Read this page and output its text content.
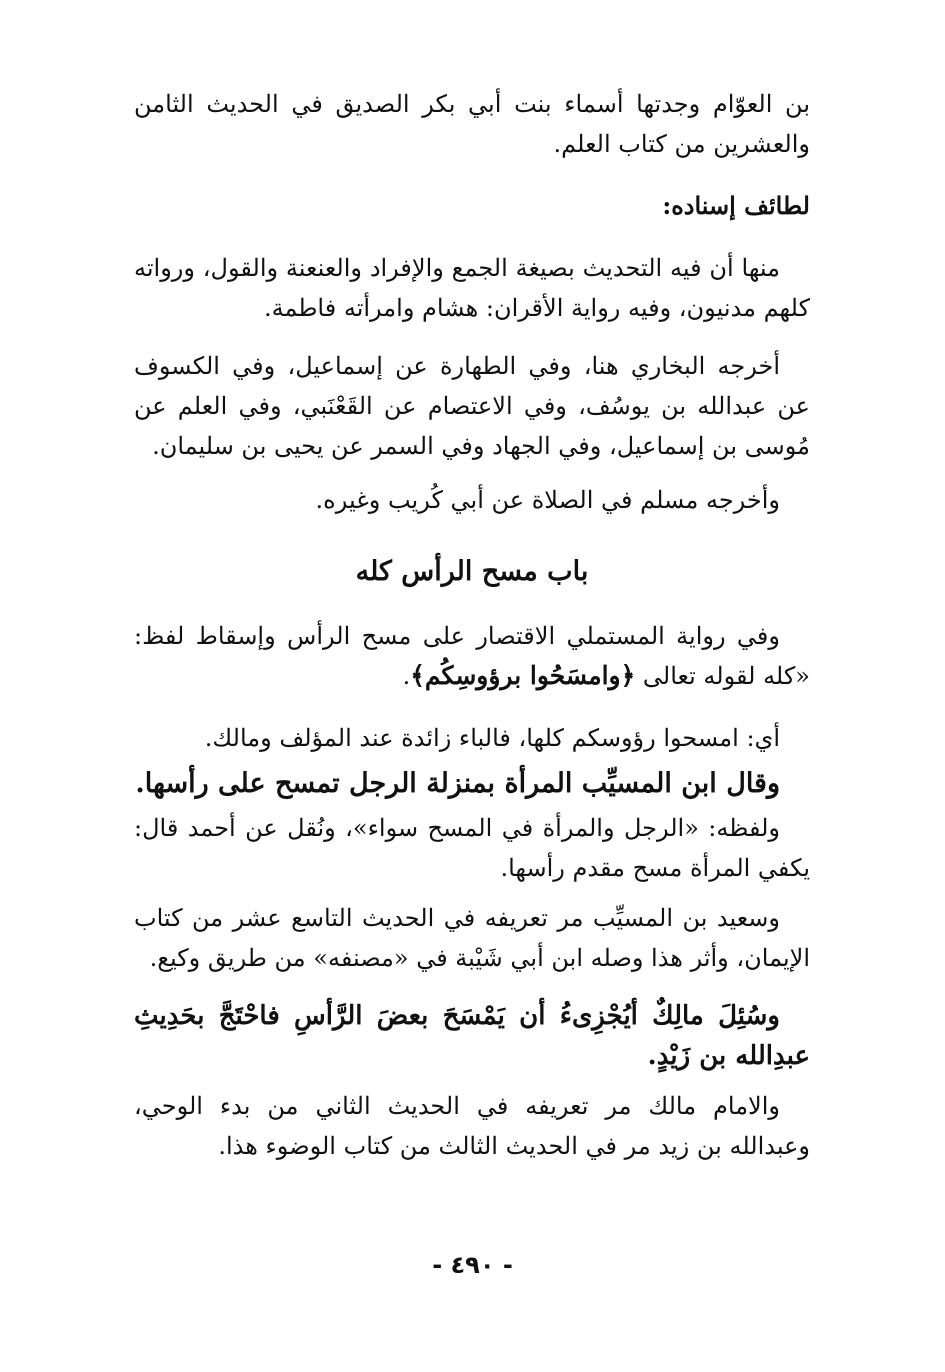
بن العوّام وجدتها أسماء بنت أبي بكر الصديق في الحديث الثامن والعشرين من كتاب العلم.

لطائف إسناده:

منها أن فيه التحديث بصيغة الجمع والإفراد والعنعنة والقول، ورواته كلهم مدنيون، وفيه رواية الأقران: هشام وامرأته فاطمة.

أخرجه البخاري هنا، وفي الطهارة عن إسماعيل، وفي الكسوف عن عبدالله بن يوسُف، وفي الاعتصام عن القَعْنَبي، وفي العلم عن مُوسى بن إسماعيل، وفي الجهاد وفي السمر عن يحيى بن سليمان.

وأخرجه مسلم في الصلاة عن أبي كُريب وغيره.

باب مسح الرأس كله

وفي رواية المستملي الاقتصار على مسح الرأس وإسقاط لفظ: «كله لقوله تعالى ﴿وامسَحُوا برؤوسِكُم﴾.

أي: امسحوا رؤوسكم كلها، فالباء زائدة عند المؤلف ومالك.

وقال ابن المسيِّب المرأة بمنزلة الرجل تمسح على رأسها.

ولفظه: «الرجل والمرأة في المسح سواء»، ونُقل عن أحمد قال: يكفي المرأة مسح مقدم رأسها.

وسعيد بن المسيِّب مر تعريفه في الحديث التاسع عشر من كتاب الإيمان، وأثر هذا وصله ابن أبي شَيْبة في «مصنفه» من طريق وكيع.

وسُئِلَ مالِكٌ أيُجْزِىءُ أن يَمْسَحَ بعضَ الرَّأسِ فاحْتَجَّ بحَدِيثِ عبدِالله بن زَيْدٍ.

والامام مالك مر تعريفه في الحديث الثاني من بدء الوحي، وعبدالله بن زيد مر في الحديث الثالث من كتاب الوضوء هذا.

- ٤٩٠ -
